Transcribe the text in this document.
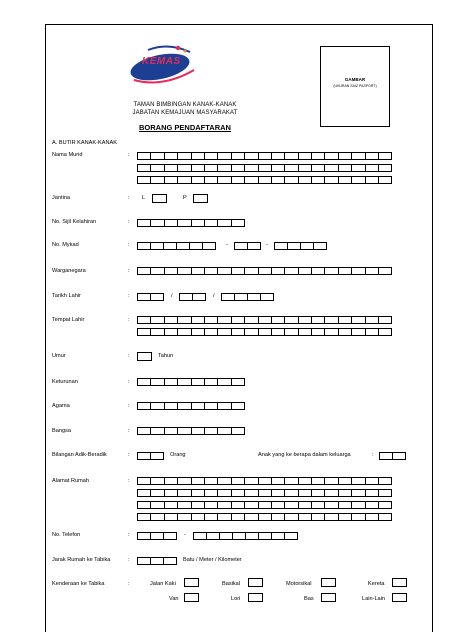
KEMAS
GAMBAR
(UKURAN SAIZ PASPORT)
TAMAN BIMBINGAN KANAK-KANAK
JABATAN KEMAJUAN MASYARAKAT
BORANG PENDAFTARAN
A. BUTIR KANAK-KANAK
Nama Murid	:
Jantina	: L	P
No. Sijil Kelahiran	:
No. Mykad	:	-	-
Warganegara	:
Tarikh Lahir	:	/	/
Tempat Lahir	:
Umur	:	Tahun
Keturunan	:
Agama	:
Bangsa	:
Bilangan Adik-Beradik	:	Orang	Anak yang ke berapa dalam keluarga	:
Alamat Rumah	:
No. Telefon	:	-
Jarak Rumah ke Tabika	:	Batu / Meter / Kilometer
Kenderaan ke Tabika	:	Jalan Kaki	Basikal	Motorsikal	Kereta
Van	Lori	Bas	Lain-Lain
